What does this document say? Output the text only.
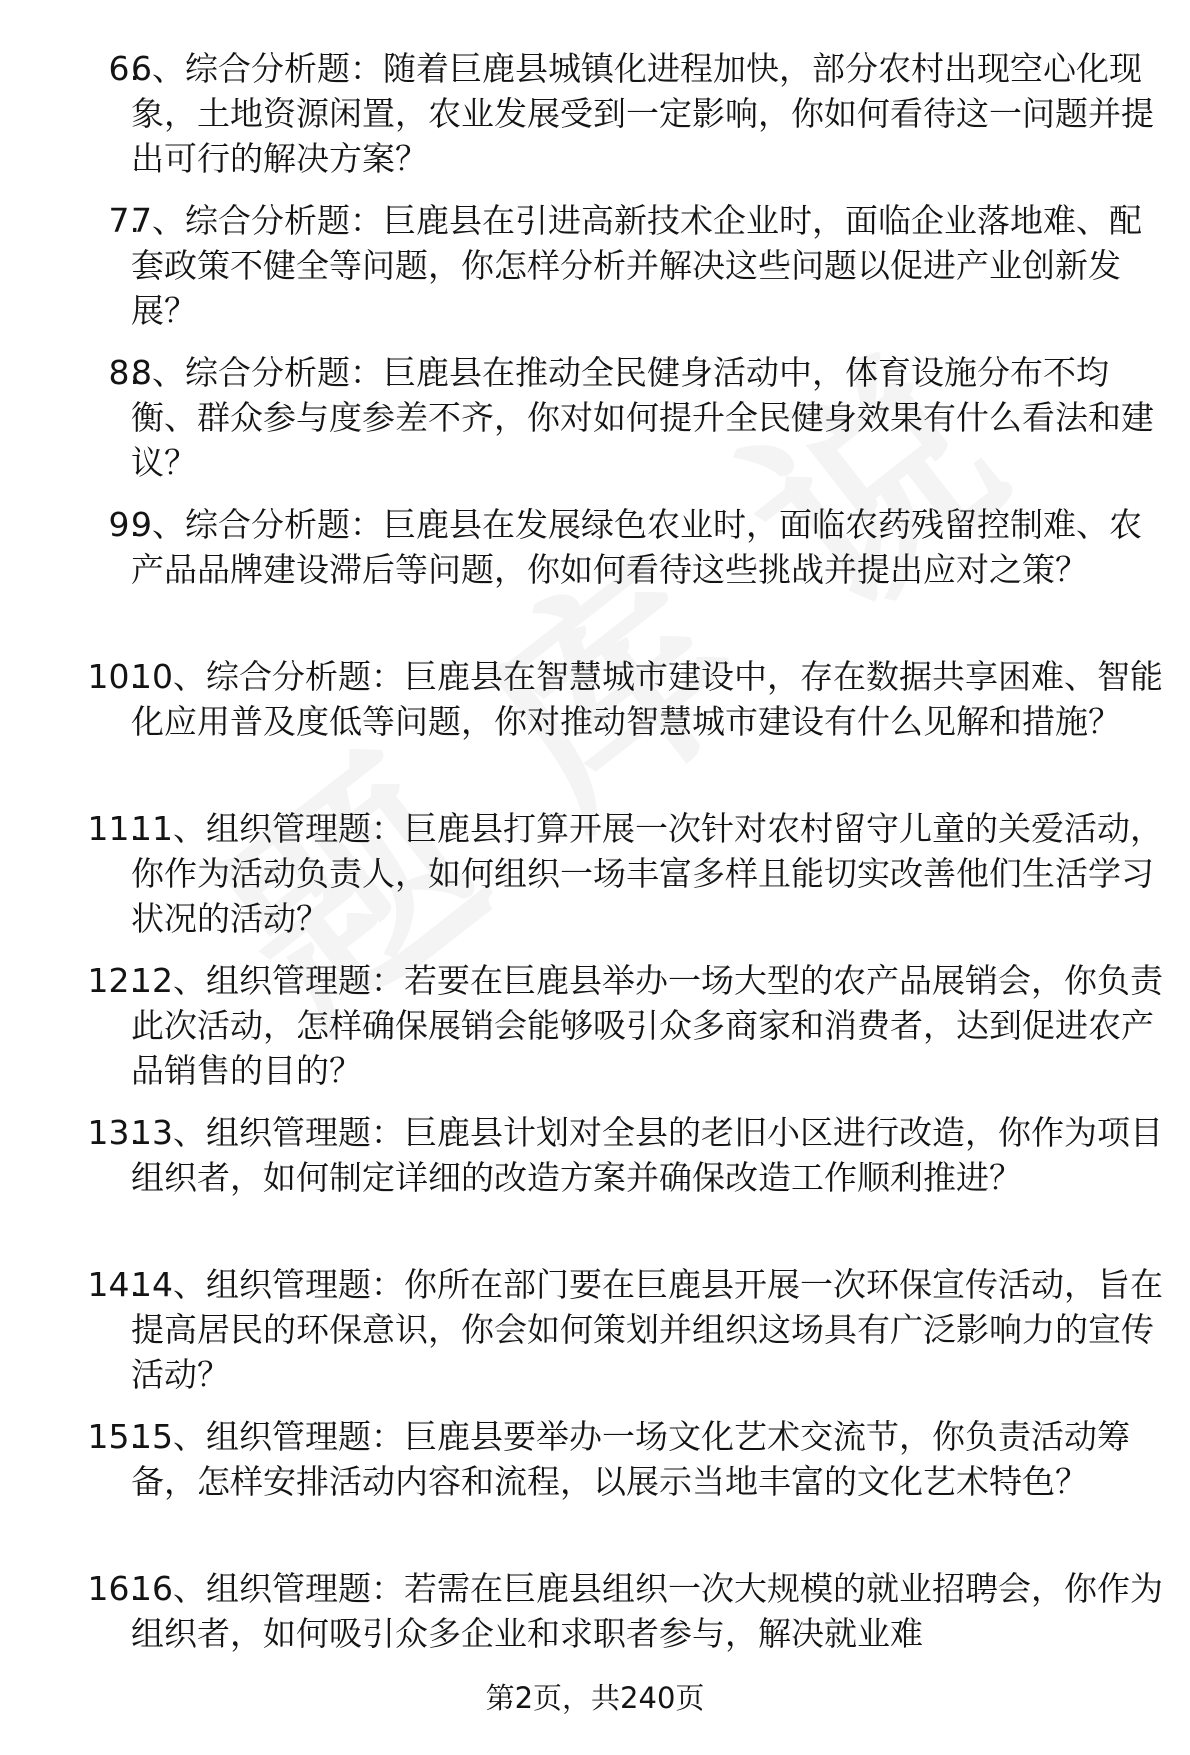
6.
6、综合分析题：随着巨鹿县城镇化进程加快，部分农村出现空心化现象，土地资源闲置，农业发展受到一定影响，你如何看待这一问题并提出可行的解决方案？
7.
7、综合分析题：巨鹿县在引进高新技术企业时，面临企业落地难、配套政策不健全等问题，你怎样分析并解决这些问题以促进产业创新发展？
8.
8、综合分析题：巨鹿县在推动全民健身活动中，体育设施分布不均衡、群众参与度参差不齐，你对如何提升全民健身效果有什么看法和建议？
9.
9、综合分析题：巨鹿县在发展绿色农业时，面临农药残留控制难、农产品品牌建设滞后等问题，你如何看待这些挑战并提出应对之策？
10.
10、综合分析题：巨鹿县在智慧城市建设中，存在数据共享困难、智能化应用普及度低等问题，你对推动智慧城市建设有什么见解和措施？
11.
11、组织管理题：巨鹿县打算开展一次针对农村留守儿童的关爱活动，你作为活动负责人，如何组织一场丰富多样且能切实改善他们生活学习状况的活动？
12.
12、组织管理题：若要在巨鹿县举办一场大型的农产品展销会，你负责此次活动，怎样确保展销会能够吸引众多商家和消费者，达到促进农产品销售的目的？
13.
13、组织管理题：巨鹿县计划对全县的老旧小区进行改造，你作为项目组织者，如何制定详细的改造方案并确保改造工作顺利推进？
14.
14、组织管理题：你所在部门要在巨鹿县开展一次环保宣传活动，旨在提高居民的环保意识，你会如何策划并组织这场具有广泛影响力的宣传活动？
15.
15、组织管理题：巨鹿县要举办一场文化艺术交流节，你负责活动筹备，怎样安排活动内容和流程，以展示当地丰富的文化艺术特色？
16.
16、组织管理题：若需在巨鹿县组织一次大规模的就业招聘会，你作为组织者，如何吸引众多企业和求职者参与，解决就业难
第2页，共240页
